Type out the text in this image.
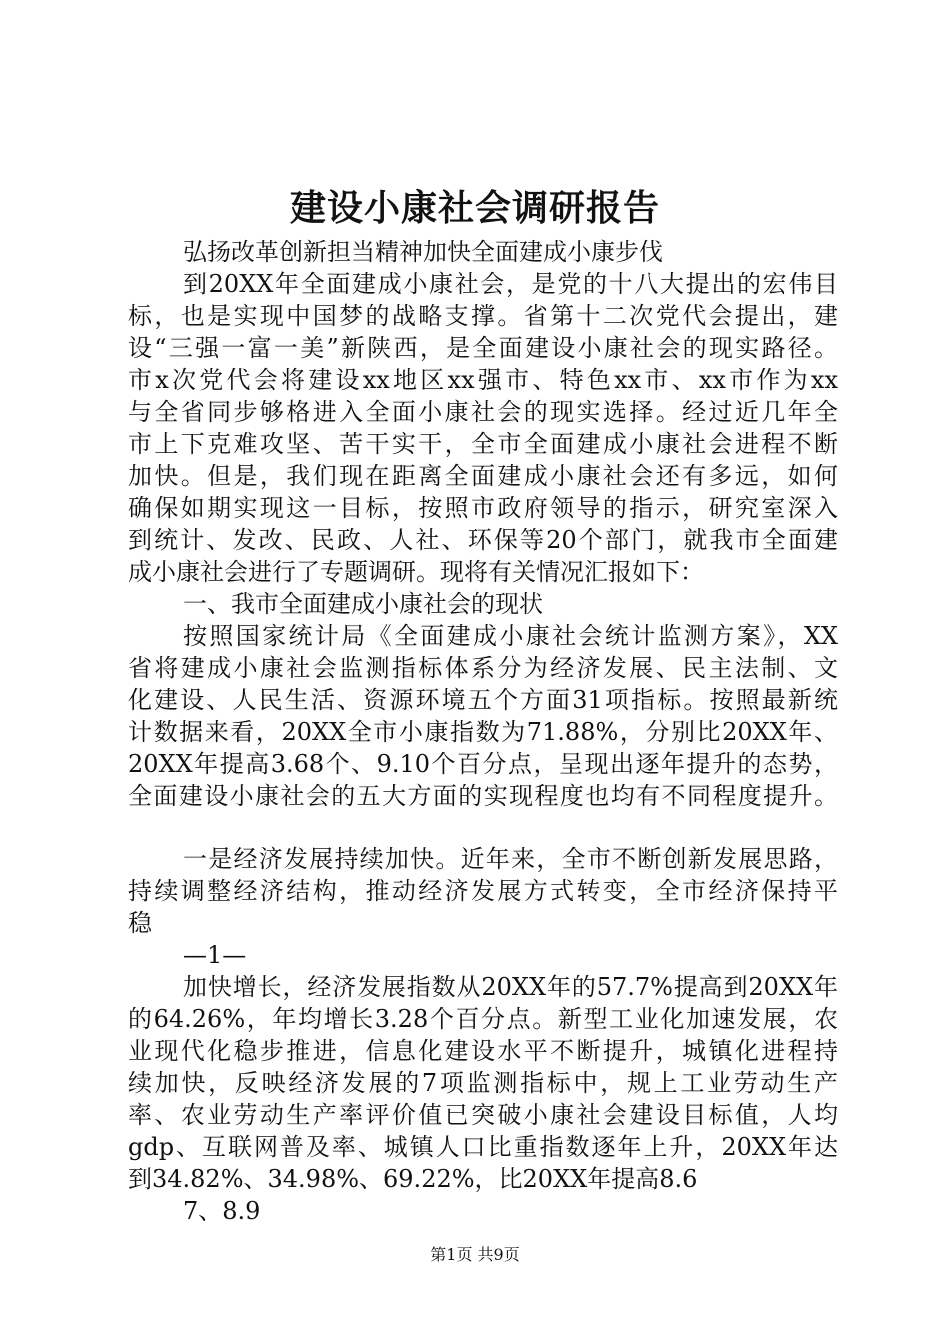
建设小康社会调研报告
弘扬改革创新担当精神加快全面建成小康步伐
到20XX年全面建成小康社会，是党的十八大提出的宏伟目
标，也是实现中国梦的战略支撑。省第十二次党代会提出，建
设“三强一富一美”新陕西，是全面建设小康社会的现实路径。
市x次党代会将建设xx地区xx强市、特色xx市、xx市作为xx
与全省同步够格进入全面小康社会的现实选择。经过近几年全
市上下克难攻坚、苦干实干，全市全面建成小康社会进程不断
加快。但是，我们现在距离全面建成小康社会还有多远，如何
确保如期实现这一目标，按照市政府领导的指示，研究室深入
到统计、发改、民政、人社、环保等20个部门，就我市全面建
成小康社会进行了专题调研。现将有关情况汇报如下：
一、我市全面建成小康社会的现状
按照国家统计局《全面建成小康社会统计监测方案》，XX
省将建成小康社会监测指标体系分为经济发展、民主法制、文
化建设、人民生活、资源环境五个方面31项指标。按照最新统
计数据来看，20XX全市小康指数为71.88%，分别比20XX年、
20XX年提高3.68个、9.10个百分点，呈现出逐年提升的态势，
全面建设小康社会的五大方面的实现程度也均有不同程度提升。
一是经济发展持续加快。近年来，全市不断创新发展思路，
持续调整经济结构，推动经济发展方式转变，全市经济保持平
稳
—1—
加快增长，经济发展指数从20XX年的57.7%提高到20XX年
的64.26%，年均增长3.28个百分点。新型工业化加速发展，农
业现代化稳步推进，信息化建设水平不断提升，城镇化进程持
续加快，反映经济发展的7项监测指标中，规上工业劳动生产
率、农业劳动生产率评价值已突破小康社会建设目标值，人均
gdp、互联网普及率、城镇人口比重指数逐年上升，20XX年达
到34.82%、34.98%、69.22%，比20XX年提高8.6
7、8.9
第1页 共9页
